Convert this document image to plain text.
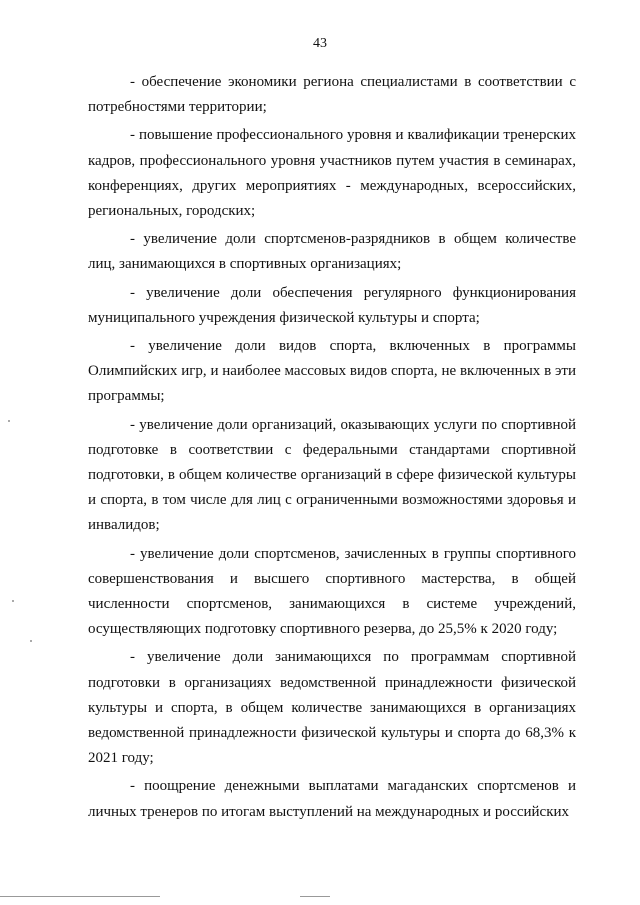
43

- обеспечение экономики региона специалистами в соответствии с потребностями территории;

- повышение профессионального уровня и квалификации тренерских кадров, профессионального уровня участников путем участия в семинарах, конференциях, других мероприятиях - международных, всероссийских, региональных, городских;

- увеличение доли спортсменов-разрядников в общем количестве лиц, занимающихся в спортивных организациях;

- увеличение доли обеспечения регулярного функционирования муниципального учреждения физической культуры и спорта;

- увеличение доли видов спорта, включенных в программы Олимпийских игр, и наиболее массовых видов спорта, не включенных в эти программы;

- увеличение доли организаций, оказывающих услуги по спортивной подготовке в соответствии с федеральными стандартами спортивной подготовки, в общем количестве организаций в сфере физической культуры и спорта, в том числе для лиц с ограниченными возможностями здоровья и инвалидов;

- увеличение доли спортсменов, зачисленных в группы спортивного совершенствования и высшего спортивного мастерства, в общей численности спортсменов, занимающихся в системе учреждений, осуществляющих подготовку спортивного резерва, до 25,5% к 2020 году;

- увеличение доли занимающихся по программам спортивной подготовки в организациях ведомственной принадлежности физической культуры и спорта, в общем количестве занимающихся в организациях ведомственной принадлежности физической культуры и спорта до 68,3% к 2021 году;

- поощрение денежными выплатами магаданских спортсменов и личных тренеров по итогам выступлений на международных и российских
